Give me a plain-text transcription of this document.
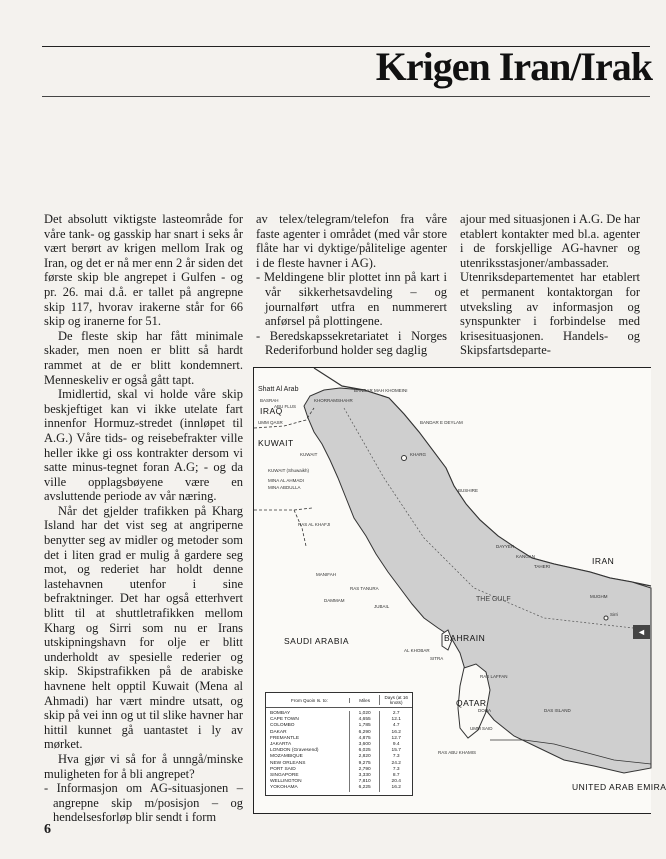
Krigen Iran/Irak

Det absolutt viktigste lasteområde for våre tank- og gasskip har snart i seks år vært berørt av krigen mellom Irak og Iran, og det er nå mer enn 2 år siden det første skip ble angrepet i Gulfen - og pr. 26. mai d.å. er tallet på angrepne skip 117, hvorav irakerne står for 66 skip og iranerne for 51.

De fleste skip har fått minimale skader, men noen er blitt så hardt rammet at de er blitt kondemnert. Menneskeliv er også gått tapt.

Imidlertid, skal vi holde våre skip beskjeftiget kan vi ikke utelate fart innenfor Hormuz-stredet (innløpet til A.G.) Våre tids- og reisebefrakter ville heller ikke gi oss kontrakter dersom vi satte minus-tegnet foran A.G; - og da ville opplagsbøyene være en avsluttende periode av vår næring.

Når det gjelder trafikken på Kharg Island har det vist seg at angriperne benytter seg av midler og metoder som det i liten grad er mulig å gardere seg mot, og rederiet har holdt denne lastehavnen utenfor i sine befraktninger. Det har også etterhvert blitt til at shuttletrafikken mellom Kharg og Sirri som nu er Irans utskipningshavn for olje er blitt underholdt av spesielle rederier og skip. Skipstrafikken på de arabiske havnene helt opptil Kuwait (Mena al Ahmadi) har vært mindre utsatt, og skip på vei inn og ut til slike havner har hittil kunnet gå uantastet i ly av mørket.

Hva gjør vi så for å unngå/minske muligheten for å bli angrepet?

- Informasjon om AG-situasjonen – angrepne skip m/posisjon – og hendelsesforløp blir sendt i form

av telex/telegram/telefon fra våre faste agenter i området (med vår store flåte har vi dyktige/pålitelige agenter i de fleste havner i AG).

- Meldingene blir plottet inn på kart i vår sikkerhetsavdeling – og journalført utfra en nummerert anførsel på plottingene.

- Beredskapssekretariatet i Norges Rederiforbund holder seg daglig

ajour med situasjonen i A.G. De har etablert kontakter med bl.a. agenter i de forskjellige AG-havner og utenriksstasjoner/ambassader. Utenriksdepartementet har etablert et permanent kontaktorgan for utveksling av informasjon og synspunkter i forbindelse med krisesituasjonen. Handels- og Skipsfartsdeparte-

Shatt Al Arab
IRAQ
KUWAIT
SAUDI ARABIA
IRAN
BAHRAIN
QATAR
UNITED ARAB EMIRA
THE GULF
BASRAH
ABU FLUS
KHORRAMSHAHR
BANDAR MAH KHOMEINI
UMM QASR	BANDAR E DEYLAM
KHARG
KUWAIT
KUWAIT (Shuwaikh)
MINA AL AHMADI
MINA ABDULLA
BUSHIRE
RAS AL KHAFJI
RAS TANURA
DAMMAM
MANIFAH
JUBAIL
DAYYER
KANGAN
TAHERI
MUGHM
Sirri
SITRA
DOHA
UMM SAID
RAS LAFFAN
AL KHOBAR
DAS ISLAND
RAS ABU KHAMIS
◄
From Quoin Is. to:	Miles	Days (at 16 knots)
BOMBAY	1,020	2.7
CAPE TOWN	4,655	12.1
COLOMBO	1,785	4.7
DAKAR	6,290	16.2
FREMANTLE	4,875	12.7
JAKARTA	3,600	9.4
LONDON (Gravesend)	6,025	15.7
MOZAMBIQUE	2,820	7.3
NEW ORLEANS	9,275	24.2
PORT SAID	2,790	7.3
SINGAPORE	3,330	8.7
WELLINGTON	7,810	20.4
YOKOHAMA	6,225	16.2
6
